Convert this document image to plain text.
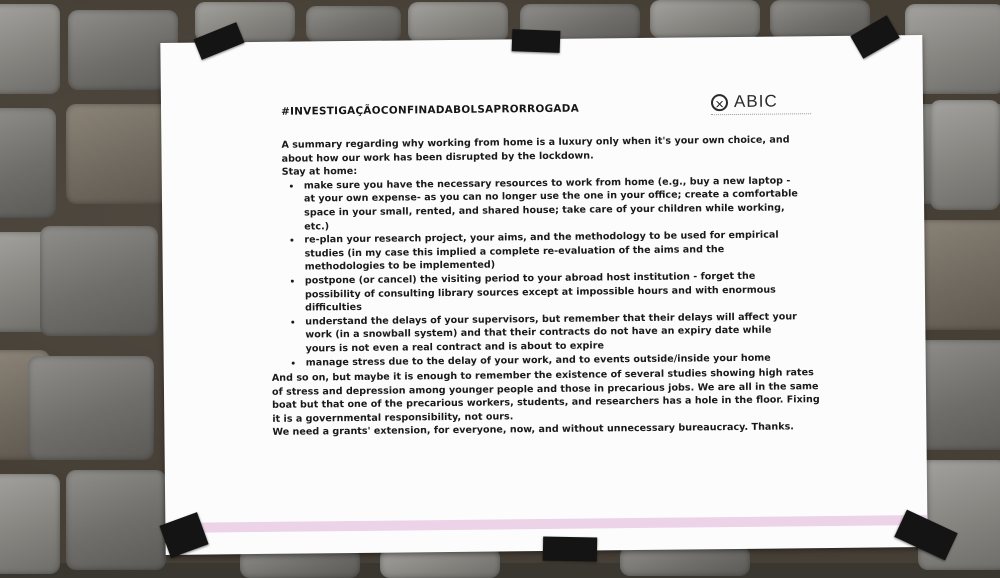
#INVESTIGAÇÃOCONFINADABOLSAPRORROGADA	ABIC

A summary regarding why working from home is a luxury only when it's your own choice, and about how our work has been disrupted by the lockdown.

Stay at home:

• make sure you have the necessary resources to work from home (e.g., buy a new laptop - at your own expense- as you can no longer use the one in your office; create a comfortable space in your small, rented, and shared house; take care of your children while working, etc.)
• re-plan your research project, your aims, and the methodology to be used for empirical studies (in my case this implied a complete re-evaluation of the aims and the methodologies to be implemented)
• postpone (or cancel) the visiting period to your abroad host institution - forget the possibility of consulting library sources except at impossible hours and with enormous difficulties
• understand the delays of your supervisors, but remember that their delays will affect your work (in a snowball system) and that their contracts do not have an expiry date while yours is not even a real contract and is about to expire
• manage stress due to the delay of your work, and to events outside/inside your home

And so on, but maybe it is enough to remember the existence of several studies showing high rates of stress and depression among younger people and those in precarious jobs. We are all in the same boat but that one of the precarious workers, students, and researchers has a hole in the floor. Fixing it is a governmental responsibility, not ours.

We need a grants' extension, for everyone, now, and without unnecessary bureaucracy. Thanks.
